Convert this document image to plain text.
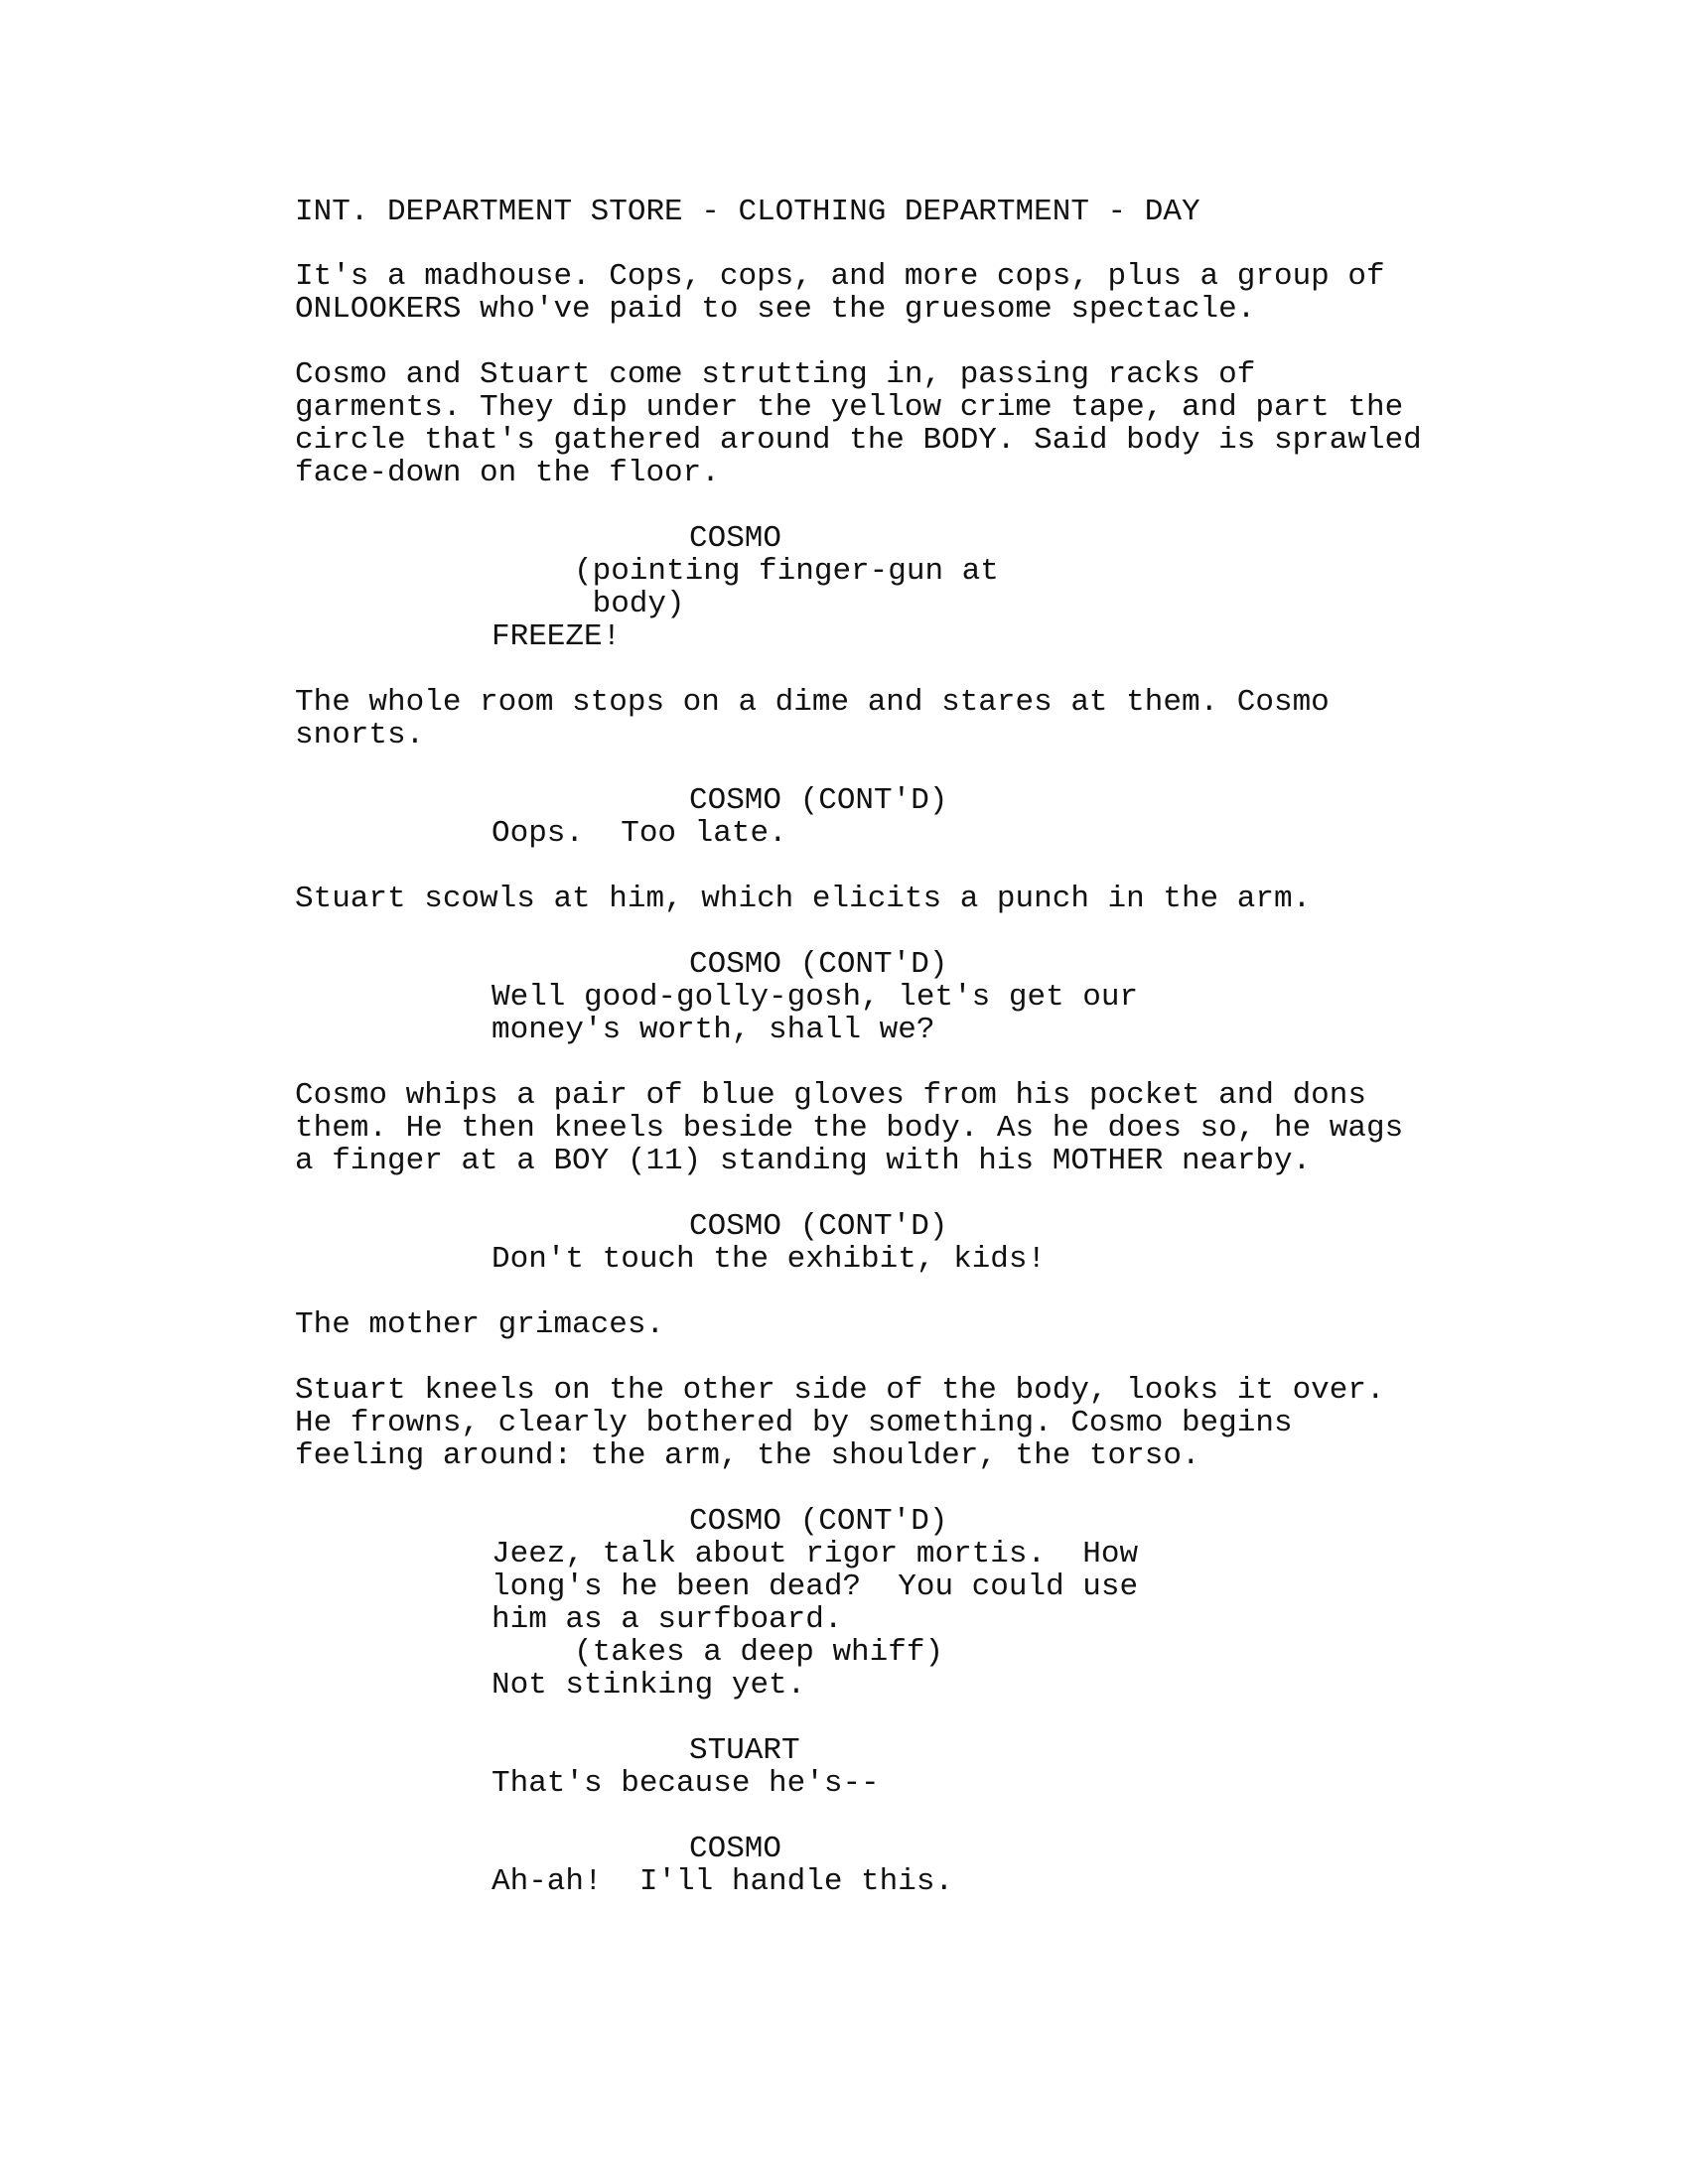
INT. DEPARTMENT STORE - CLOTHING DEPARTMENT - DAY
It's a madhouse. Cops, cops, and more cops, plus a group of
ONLOOKERS who've paid to see the gruesome spectacle.
Cosmo and Stuart come strutting in, passing racks of
garments. They dip under the yellow crime tape, and part the
circle that's gathered around the BODY. Said body is sprawled
face-down on the floor.
COSMO
(pointing finger-gun at
body)
FREEZE!
The whole room stops on a dime and stares at them. Cosmo
snorts.
COSMO (CONT'D)
Oops.  Too late.
Stuart scowls at him, which elicits a punch in the arm.
COSMO (CONT'D)
Well good-golly-gosh, let's get our
money's worth, shall we?
Cosmo whips a pair of blue gloves from his pocket and dons
them. He then kneels beside the body. As he does so, he wags
a finger at a BOY (11) standing with his MOTHER nearby.
COSMO (CONT'D)
Don't touch the exhibit, kids!
The mother grimaces.
Stuart kneels on the other side of the body, looks it over.
He frowns, clearly bothered by something. Cosmo begins
feeling around: the arm, the shoulder, the torso.
COSMO (CONT'D)
Jeez, talk about rigor mortis.  How
long's he been dead?  You could use
him as a surfboard.
(takes a deep whiff)
Not stinking yet.
STUART
That's because he's--
COSMO
Ah-ah!  I'll handle this.
